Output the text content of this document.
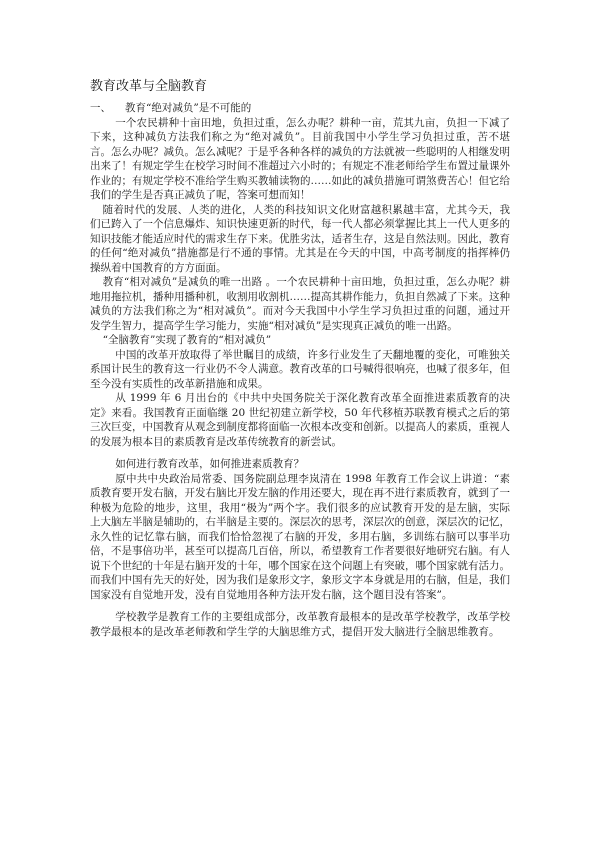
教育改革与全脑教育
一、 教育“绝对减负”是不可能的

一个农民耕种十亩田地，负担过重，怎么办呢？耕种一亩，荒其九亩，负担一下减了下来，这种减负方法我们称之为“绝对减负”。目前我国中小学生学习负担过重，苦不堪言。怎么办呢？减负。怎么减呢？于是乎各种各样的减负的方法就被一些聪明的人相继发明出来了！有规定学生在校学习时间不准超过六小时的；有规定不准老师给学生布置过量课外作业的；有规定学校不准给学生购买教辅读物的……如此的减负措施可谓煞费苦心！但它给我们的学生是否真正减负了呢，答案可想而知！

随着时代的发展、人类的进化，人类的科技知识文化财富越积累越丰富，尤其今天，我们已跨入了一个信息爆炸、知识快速更新的时代，每一代人都必须掌握比其上一代人更多的知识技能才能适应时代的需求生存下来。优胜劣汰，适者生存，这是自然法则。因此，教育的任何“绝对减负”措施都是行不通的事情。尤其是在今天的中国，中高考制度的指挥棒仍操纵着中国教育的方方面面。

教育“相对减负”是减负的唯一出路 。一个农民耕种十亩田地，负担过重，怎么办呢？耕地用拖拉机，播种用播种机，收割用收割机……提高其耕作能力，负担自然减了下来。这种减负的方法我们称之为“相对减负”。而对今天我国中小学生学习负担过重的问题，通过开发学生智力，提高学生学习能力，实施“相对减负”是实现真正减负的唯一出路。

“全脑教育”实现了教育的“相对减负”

中国的改革开放取得了举世瞩目的成绩，许多行业发生了天翻地覆的变化，可唯独关系国计民生的教育这一行业仍不令人满意。教育改革的口号喊得很响亮，也喊了很多年，但至今没有实质性的改革新措施和成果。

从 1999 年 6 月出台的《中共中央国务院关于深化教育改革全面推进素质教育的决定》来看。我国教育正面临继 20 世纪初建立新学校，50 年代移植苏联教育模式之后的第三次巨变，中国教育从观念到制度都将面临一次根本改变和创新。以提高人的素质，重视人的发展为根本目的素质教育是改革传统教育的新尝试。

如何进行教育改革，如何推进素质教育？

原中共中央政治局常委、国务院副总理李岚清在 1998 年教育工作会议上讲道：“素质教育要开发右脑，开发右脑比开发左脑的作用还要大，现在再不进行素质教育，就到了一种极为危险的地步，这里，我用“极为”两个字。我们很多的应试教育开发的是左脑，实际上大脑左半脑是辅助的，右半脑是主要的。深层次的思考，深层次的创意，深层次的记忆，永久性的记忆靠右脑，而我们恰恰忽视了右脑的开发，多用右脑，多训练右脑可以事半功倍，不是事倍功半，甚至可以提高几百倍，所以，希望教育工作者要很好地研究右脑。有人说下个世纪的十年是右脑开发的十年，哪个国家在这个问题上有突破，哪个国家就有活力。而我们中国有先天的好处，因为我们是象形文字，象形文字本身就是用的右脑，但是，我们国家没有自觉地开发，没有自觉地用各种方法开发右脑，这个题目没有答案”。

学校教学是教育工作的主要组成部分，改革教育最根本的是改革学校教学，改革学校教学最根本的是改革老师教和学生学的大脑思维方式，提倡开发大脑进行全脑思维教育。
